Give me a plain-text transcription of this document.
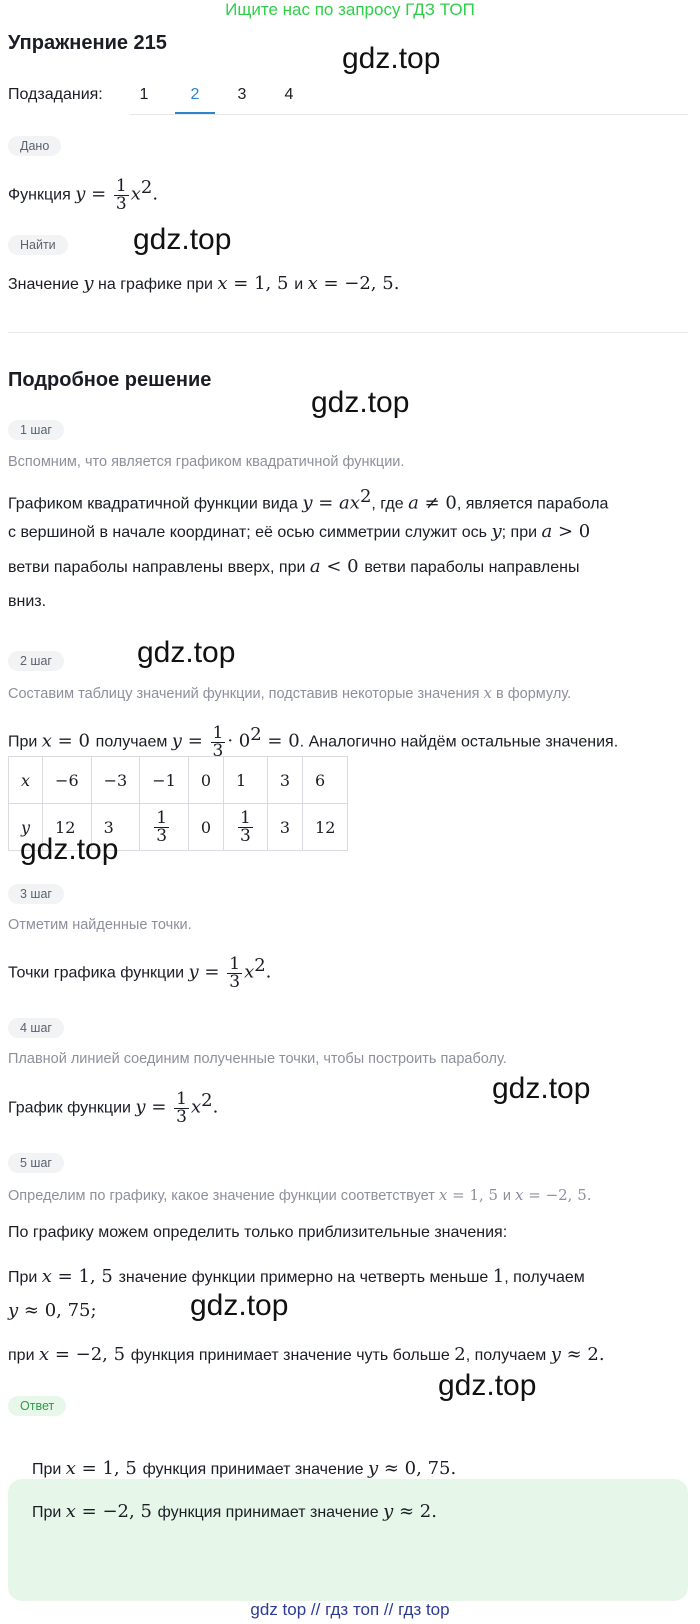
Ищите нас по запросу ГДЗ ТОП
Упражнение 215
Подзадания:	1	2	3	4
Дано
Функция $y = \frac{1}{3} x^2$.
Найти
Значение y на графике при x = 1, 5 и x = −2, 5.
Подробное решение
1 шаг
Вспомним, что является графиком квадратичной функции.
Графиком квадратичной функции вида $y = ax^2$, где a ≠ 0, является парабола
с вершиной в начале координат; её осью симметрии служит ось y; при a > 0
ветви параболы направлены вверх, при a < 0 ветви параболы направлены
вниз.
2 шаг
Составим таблицу значений функции, подставив некоторые значения x в формулу.
При x = 0 получаем $y = \frac{1}{3} \cdot 0^2 = 0$. Аналогично найдём остальные значения.
x	−6	−3	−1	0	1	3	6
y	12	3	$\frac{1}{3}$	0	$\frac{1}{3}$	3	12
3 шаг
Отметим найденные точки.
Точки графика функции $y = \frac{1}{3} x^2$.
4 шаг
Плавной линией соединим полученные точки, чтобы построить параболу.
График функции $y = \frac{1}{3} x^2$.
5 шаг
Определим по графику, какое значение функции соответствует x = 1, 5 и x = −2, 5.
По графику можем определить только приблизительные значения:
При x = 1, 5 значение функции примерно на четверть меньше 1, получаем
y ≈ 0, 75;
при x = −2, 5 функция принимает значение чуть больше 2, получаем y ≈ 2.
Ответ
При x = 1, 5 функция принимает значение y ≈ 0, 75.
При x = −2, 5 функция принимает значение y ≈ 2.
gdz.top
gdz.top
gdz.top
gdz.top
gdz.top
gdz.top
gdz.top
gdz.top
gdz top // гдз топ // гдз top
